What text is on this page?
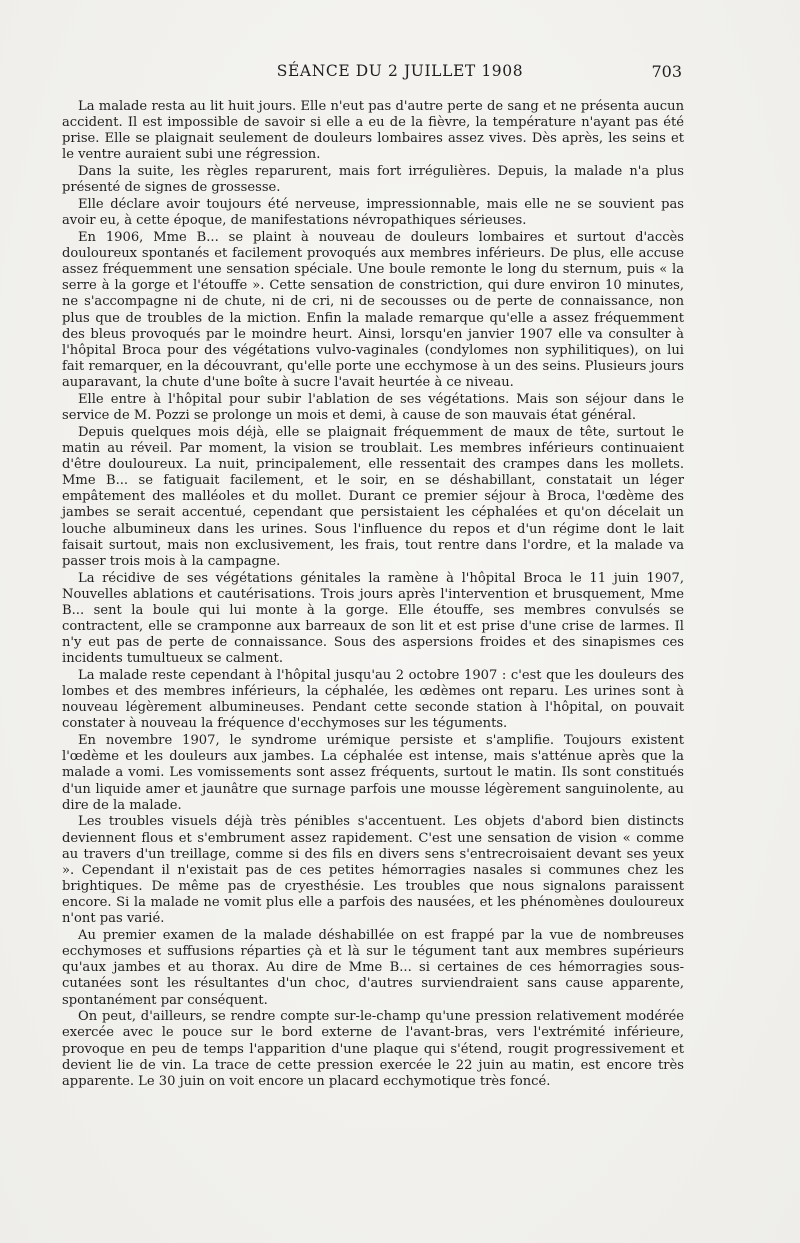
SÉANCE DU 2 JUILLET 1908	703

La malade resta au lit huit jours. Elle n'eut pas d'autre perte de sang et ne présenta aucun accident. Il est impossible de savoir si elle a eu de la fièvre, la température n'ayant pas été prise. Elle se plaignait seulement de douleurs lombaires assez vives. Dès après, les seins et le ventre auraient subi une régression.

Dans la suite, les règles reparurent, mais fort irrégulières. Depuis, la malade n'a plus présenté de signes de grossesse.

Elle déclare avoir toujours été nerveuse, impressionnable, mais elle ne se souvient pas avoir eu, à cette époque, de manifestations névropathiques sérieuses.

En 1906, Mme B... se plaint à nouveau de douleurs lombaires et surtout d'accès douloureux spontanés et facilement provoqués aux membres inférieurs. De plus, elle accuse assez fréquemment une sensation spéciale. Une boule remonte le long du sternum, puis « la serre à la gorge et l'étouffe ». Cette sensation de constriction, qui dure environ 10 minutes, ne s'accompagne ni de chute, ni de cri, ni de secousses ou de perte de connaissance, non plus que de troubles de la miction. Enfin la malade remarque qu'elle a assez fréquemment des bleus provoqués par le moindre heurt. Ainsi, lorsqu'en janvier 1907 elle va consulter à l'hôpital Broca pour des végétations vulvo-vaginales (condylomes non syphilitiques), on lui fait remarquer, en la découvrant, qu'elle porte une ecchymose à un des seins. Plusieurs jours auparavant, la chute d'une boîte à sucre l'avait heurtée à ce niveau.

Elle entre à l'hôpital pour subir l'ablation de ses végétations. Mais son séjour dans le service de M. Pozzi se prolonge un mois et demi, à cause de son mauvais état général.

Depuis quelques mois déjà, elle se plaignait fréquemment de maux de tête, surtout le matin au réveil. Par moment, la vision se troublait. Les membres inférieurs continuaient d'être douloureux. La nuit, principalement, elle ressentait des crampes dans les mollets. Mme B... se fatiguait facilement, et le soir, en se déshabillant, constatait un léger empâtement des malléoles et du mollet. Durant ce premier séjour à Broca, l'œdème des jambes se serait accentué, cependant que persistaient les céphalées et qu'on décelait un louche albumineux dans les urines. Sous l'influence du repos et d'un régime dont le lait faisait surtout, mais non exclusivement, les frais, tout rentre dans l'ordre, et la malade va passer trois mois à la campagne.

La récidive de ses végétations génitales la ramène à l'hôpital Broca le 11 juin 1907, Nouvelles ablations et cautérisations. Trois jours après l'intervention et brusquement, Mme B... sent la boule qui lui monte à la gorge. Elle étouffe, ses membres convulsés se contractent, elle se cramponne aux barreaux de son lit et est prise d'une crise de larmes. Il n'y eut pas de perte de connaissance. Sous des aspersions froides et des sinapismes ces incidents tumultueux se calment.

La malade reste cependant à l'hôpital jusqu'au 2 octobre 1907 : c'est que les douleurs des lombes et des membres inférieurs, la céphalée, les œdèmes ont reparu. Les urines sont à nouveau légèrement albumineuses. Pendant cette seconde station à l'hôpital, on pouvait constater à nouveau la fréquence d'ecchymoses sur les téguments.

En novembre 1907, le syndrome urémique persiste et s'amplifie. Toujours existent l'œdème et les douleurs aux jambes. La céphalée est intense, mais s'atténue après que la malade a vomi. Les vomissements sont assez fréquents, surtout le matin. Ils sont constitués d'un liquide amer et jaunâtre que surnage parfois une mousse légèrement sanguinolente, au dire de la malade.

Les troubles visuels déjà très pénibles s'accentuent. Les objets d'abord bien distincts deviennent flous et s'embrument assez rapidement. C'est une sensation de vision « comme au travers d'un treillage, comme si des fils en divers sens s'entrecroisaient devant ses yeux ». Cependant il n'existait pas de ces petites hémorragies nasales si communes chez les brightiques. De même pas de cryesthésie. Les troubles que nous signalons paraissent encore. Si la malade ne vomit plus elle a parfois des nausées, et les phénomènes douloureux n'ont pas varié.

Au premier examen de la malade déshabillée on est frappé par la vue de nombreuses ecchymoses et suffusions réparties çà et là sur le tégument tant aux membres supérieurs qu'aux jambes et au thorax. Au dire de Mme B... si certaines de ces hémorragies sous-cutanées sont les résultantes d'un choc, d'autres surviendraient sans cause apparente, spontanément par conséquent.

On peut, d'ailleurs, se rendre compte sur-le-champ qu'une pression relativement modérée exercée avec le pouce sur le bord externe de l'avant-bras, vers l'extrémité inférieure, provoque en peu de temps l'apparition d'une plaque qui s'étend, rougit progressivement et devient lie de vin. La trace de cette pression exercée le 22 juin au matin, est encore très apparente. Le 30 juin on voit encore un placard ecchymotique très foncé.
